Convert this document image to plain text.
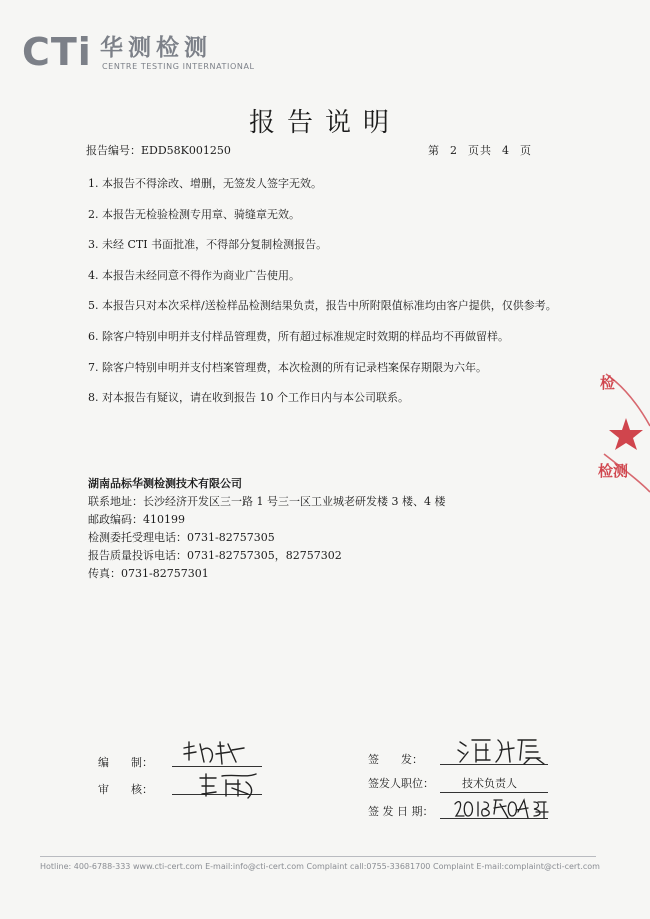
CTi 华测检测
CENTRE TESTING INTERNATIONAL
报告说明
报告编号：EDD58K001250	第 2 页共 4 页
1. 本报告不得涂改、增删，无签发人签字无效。
2. 本报告无检验检测专用章、骑缝章无效。
3. 未经 CTI 书面批准，不得部分复制检测报告。
4. 本报告未经同意不得作为商业广告使用。
5. 本报告只对本次采样/送检样品检测结果负责，报告中所附限值标准均由客户提供，仅供参考。
6. 除客户特别申明并支付样品管理费，所有超过标准规定时效期的样品均不再做留样。
7. 除客户特别申明并支付档案管理费，本次检测的所有记录档案保存期限为六年。
8. 对本报告有疑议，请在收到报告 10 个工作日内与本公司联系。
湖南品标华测检测技术有限公司
联系地址：长沙经济开发区三一路 1 号三一区工业城老研发楼 3 楼、4 楼
邮政编码：410199
检测委托受理电话：0731-82757305
报告质量投诉电话：0731-82757305，82757302
传真：0731-82757301
检
检测
编　　制：
审　　核：
签　　发：
签发人职位：	技术负责人
签 发 日 期：
Hotline: 400-6788-333 www.cti-cert.com E-mail:info@cti-cert.com Complaint call:0755-33681700 Complaint E-mail:complaint@cti-cert.com
